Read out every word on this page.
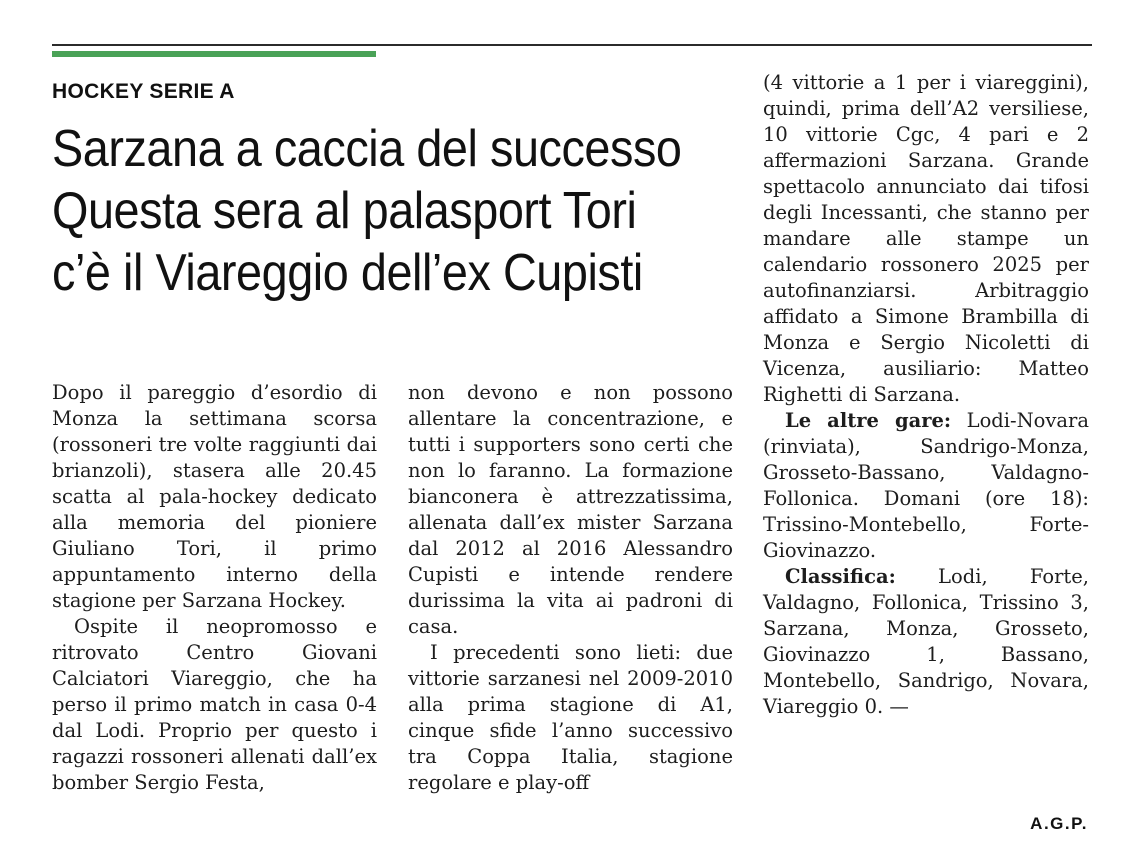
HOCKEY SERIE A
Sarzana a caccia del successo
Questa sera al palasport Tori
c’è il Viareggio dell’ex Cupisti

Dopo il pareggio d’esordio di Monza la settimana scorsa (rossoneri tre volte raggiunti dai brianzoli), stasera alle 20.45 scatta al pala-hockey dedicato alla memoria del pioniere Giuliano Tori, il primo appuntamento interno della stagione per Sarzana Hockey.

Ospite il neopromosso e ritrovato Centro Giovani Calciatori Viareggio, che ha perso il primo match in casa 0-4 dal Lodi. Proprio per questo i ragazzi rossoneri allenati dall’ex bomber Sergio Festa,

non devono e non possono allentare la concentrazione, e tutti i supporters sono certi che non lo faranno. La formazione bianconera è attrezzatissima, allenata dall’ex mister Sarzana dal 2012 al 2016 Alessandro Cupisti e intende rendere durissima la vita ai padroni di casa.

I precedenti sono lieti: due vittorie sarzanesi nel 2009-2010 alla prima stagione di A1, cinque sfide l’anno successivo tra Coppa Italia, stagione regolare e play-off

(4 vittorie a 1 per i viareggini), quindi, prima dell’A2 versiliese, 10 vittorie Cgc, 4 pari e 2 affermazioni Sarzana. Grande spettacolo annunciato dai tifosi degli Incessanti, che stanno per mandare alle stampe un calendario rossonero 2025 per autofinanziarsi. Arbitraggio affidato a Simone Brambilla di Monza e Sergio Nicoletti di Vicenza, ausiliario: Matteo Righetti di Sarzana.

Le altre gare: Lodi-Novara (rinviata), Sandrigo-Monza, Grosseto-Bassano, Valdagno-Follonica. Domani (ore 18): Trissino-Montebello, Forte-Giovinazzo.

Classifica: Lodi, Forte, Valdagno, Follonica, Trissino 3, Sarzana, Monza, Grosseto, Giovinazzo 1, Bassano, Montebello, Sandrigo, Novara, Viareggio 0. —

A.G.P.
